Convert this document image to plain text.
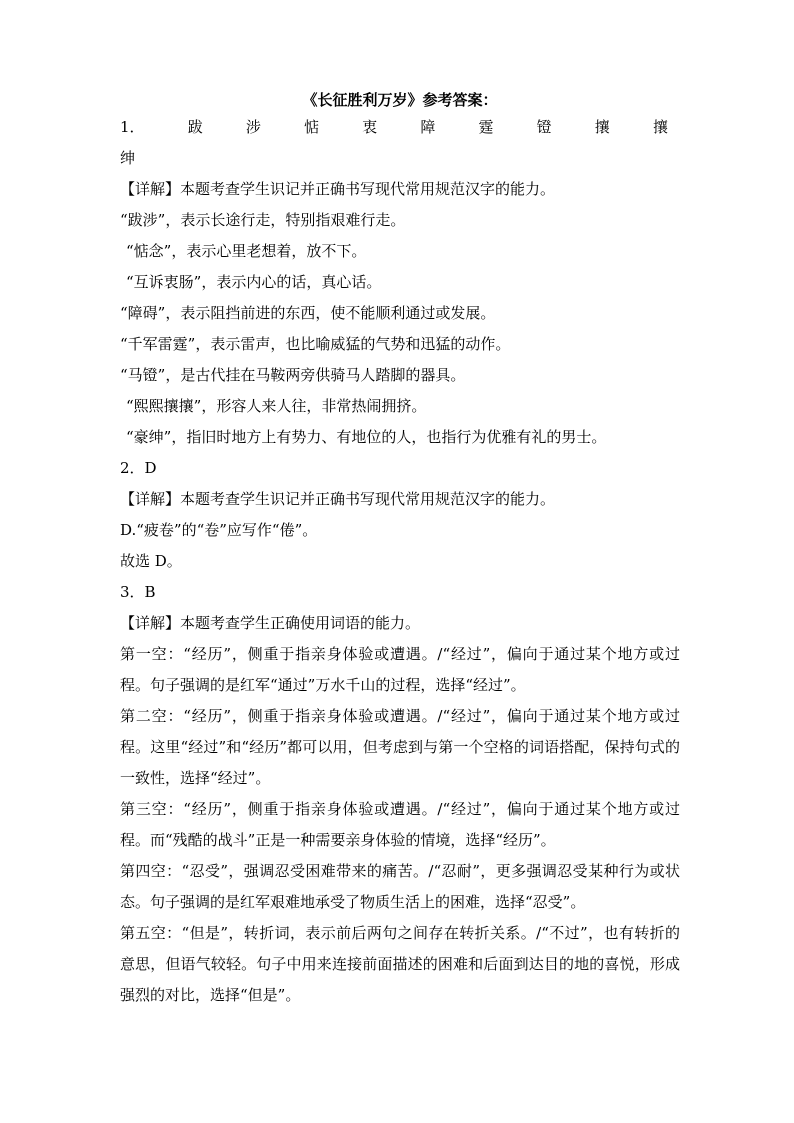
《长征胜利万岁》参考答案：
1．	跋	涉	惦	衷	障	霆	镫	攘	攘
绅
【详解】本题考查学生识记并正确书写现代常用规范汉字的能力。
“跋涉”，表示长途行走，特别指艰难行走。
“惦念”，表示心里老想着，放不下。
“互诉衷肠”，表示内心的话，真心话。
“障碍”，表示阻挡前进的东西，使不能顺利通过或发展。
“千军雷霆”，表示雷声，也比喻威猛的气势和迅猛的动作。
“马镫”，是古代挂在马鞍两旁供骑马人踏脚的器具。
“熙熙攘攘”，形容人来人往，非常热闹拥挤。
“豪绅”，指旧时地方上有势力、有地位的人，也指行为优雅有礼的男士。
2．D
【详解】本题考查学生识记并正确书写现代常用规范汉字的能力。
D.“疲卷”的“卷”应写作“倦”。
故选 D。
3．B
【详解】本题考查学生正确使用词语的能力。
第一空：“经历”，侧重于指亲身体验或遭遇。/“经过”，偏向于通过某个地方或过程。句子强调的是红军“通过”万水千山的过程，选择“经过”。
第二空：“经历”，侧重于指亲身体验或遭遇。/“经过”，偏向于通过某个地方或过程。这里“经过”和“经历”都可以用，但考虑到与第一个空格的词语搭配，保持句式的一致性，选择“经过”。
第三空：“经历”，侧重于指亲身体验或遭遇。/“经过”，偏向于通过某个地方或过程。而“残酷的战斗”正是一种需要亲身体验的情境，选择“经历”。
第四空：“忍受”，强调忍受困难带来的痛苦。/“忍耐”，更多强调忍受某种行为或状态。句子强调的是红军艰难地承受了物质生活上的困难，选择“忍受”。
第五空：“但是”，转折词，表示前后两句之间存在转折关系。/“不过”，也有转折的意思，但语气较轻。句子中用来连接前面描述的困难和后面到达目的地的喜悦，形成强烈的对比，选择“但是”。
